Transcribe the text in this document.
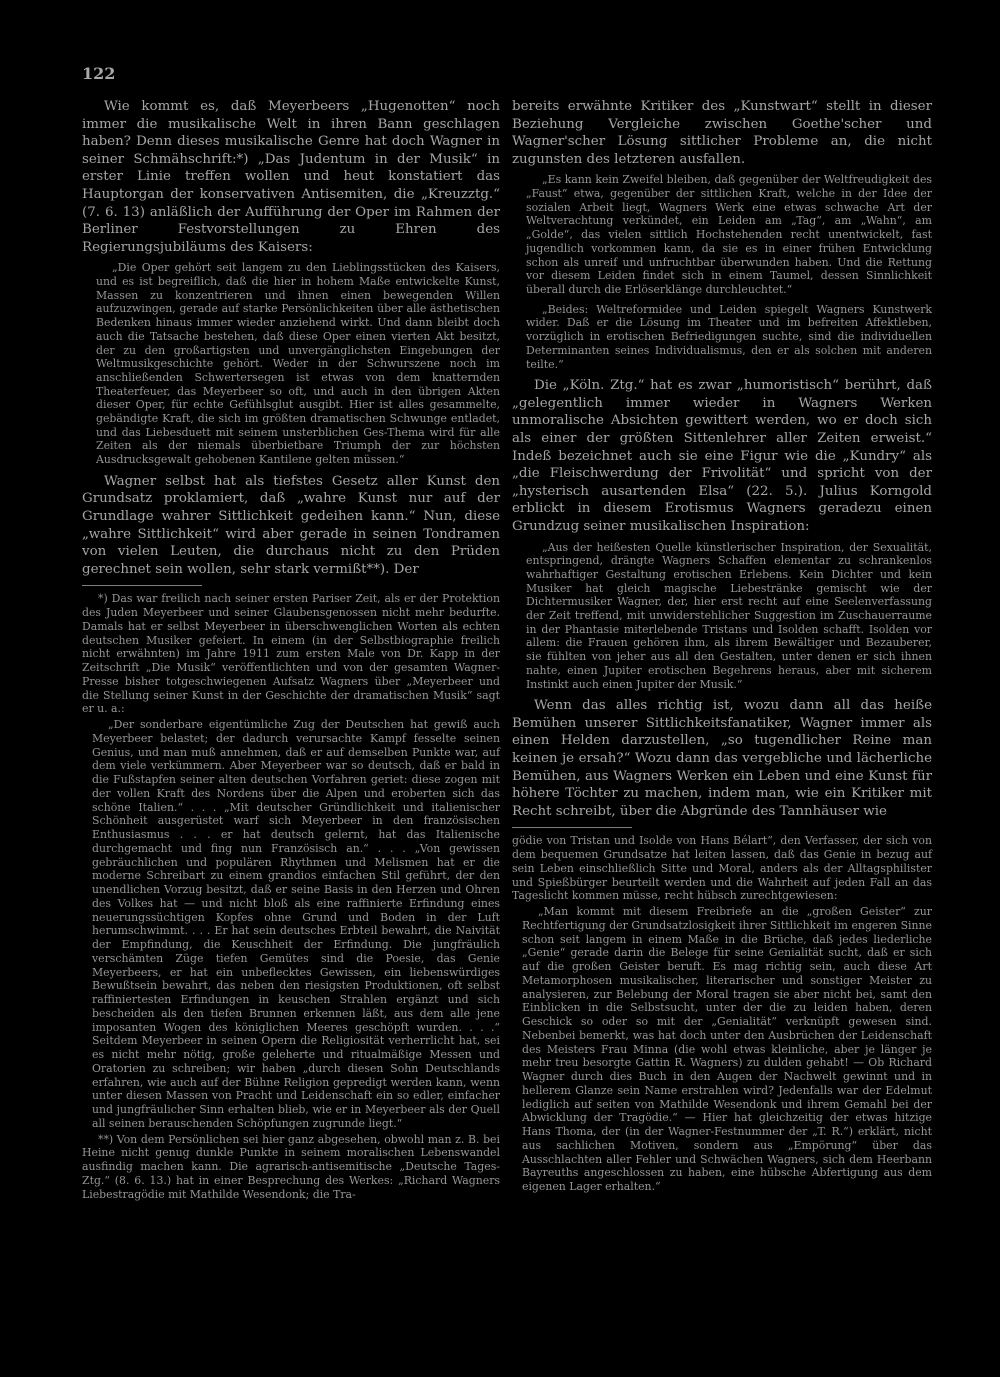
122

Wie kommt es, daß Meyerbeers „Hugenotten“ noch immer die musikalische Welt in ihren Bann geschlagen haben? Denn dieses musikalische Genre hat doch Wagner in seiner Schmähschrift:*) „Das Judentum in der Musik“ in erster Linie treffen wollen und heut konstatiert das Hauptorgan der konservativen Antisemiten, die „Kreuzztg.“ (7. 6. 13) anläßlich der Aufführung der Oper im Rahmen der Berliner Festvorstellungen zu Ehren des Regierungsjubiläums des Kaisers:

„Die Oper gehört seit langem zu den Lieblingsstücken des Kaisers, und es ist begreiflich, daß die hier in hohem Maße entwickelte Kunst, Massen zu konzentrieren und ihnen einen bewegenden Willen aufzuzwingen, gerade auf starke Persönlichkeiten über alle ästhetischen Bedenken hinaus immer wieder anziehend wirkt. Und dann bleibt doch auch die Tatsache bestehen, daß diese Oper einen vierten Akt besitzt, der zu den großartigsten und unvergänglichsten Eingebungen der Weltmusikgeschichte gehört. Weder in der Schwurszene noch im anschließenden Schwertersegen ist etwas von dem knatternden Theaterfeuer, das Meyerbeer so oft, und auch in den übrigen Akten dieser Oper, für echte Gefühlsglut ausgibt. Hier ist alles gesammelte, gebändigte Kraft, die sich im größten dramatischen Schwunge entladet, und das Liebesduett mit seinem unsterblichen Ges-Thema wird für alle Zeiten als der niemals überbietbare Triumph der zur höchsten Ausdrucksgewalt gehobenen Kantilene gelten müssen.“

Wagner selbst hat als tiefstes Gesetz aller Kunst den Grundsatz proklamiert, daß „wahre Kunst nur auf der Grundlage wahrer Sittlichkeit gedeihen kann.“ Nun, diese „wahre Sittlichkeit“ wird aber gerade in seinen Tondramen von vielen Leuten, die durchaus nicht zu den Prüden gerechnet sein wollen, sehr stark vermißt**). Der

*) Das war freilich nach seiner ersten Pariser Zeit, als er der Protektion des Juden Meyerbeer und seiner Glaubensgenossen nicht mehr bedurfte. Damals hat er selbst Meyerbeer in überschwenglichen Worten als echten deutschen Musiker gefeiert. In einem (in der Selbstbiographie freilich nicht erwähnten) im Jahre 1911 zum ersten Male von Dr. Kapp in der Zeitschrift „Die Musik“ veröffentlichten und von der gesamten Wagner-Presse bisher totgeschwiegenen Aufsatz Wagners über „Meyerbeer und die Stellung seiner Kunst in der Geschichte der dramatischen Musik“ sagt er u. a.:

„Der sonderbare eigentümliche Zug der Deutschen hat gewiß auch Meyerbeer belastet; der dadurch verursachte Kampf fesselte seinen Genius, und man muß annehmen, daß er auf demselben Punkte war, auf dem viele verkümmern. Aber Meyerbeer war so deutsch, daß er bald in die Fußstapfen seiner alten deutschen Vorfahren geriet: diese zogen mit der vollen Kraft des Nordens über die Alpen und eroberten sich das schöne Italien.“ . . . „Mit deutscher Gründlichkeit und italienischer Schönheit ausgerüstet warf sich Meyerbeer in den französischen Enthusiasmus . . . er hat deutsch gelernt, hat das Italienische durchgemacht und fing nun Französisch an.“ . . . „Von gewissen gebräuchlichen und populären Rhythmen und Melismen hat er die moderne Schreibart zu einem grandios einfachen Stil geführt, der den unendlichen Vorzug besitzt, daß er seine Basis in den Herzen und Ohren des Volkes hat — und nicht bloß als eine raffinierte Erfindung eines neuerungssüchtigen Kopfes ohne Grund und Boden in der Luft herumschwimmt. . . . Er hat sein deutsches Erbteil bewahrt, die Naivität der Empfindung, die Keuschheit der Erfindung. Die jungfräulich verschämten Züge tiefen Gemütes sind die Poesie, das Genie Meyerbeers, er hat ein unbeflecktes Gewissen, ein liebenswürdiges Bewußtsein bewahrt, das neben den riesigsten Produktionen, oft selbst raffiniertesten Erfindungen in keuschen Strahlen ergänzt und sich bescheiden als den tiefen Brunnen erkennen läßt, aus dem alle jene imposanten Wogen des königlichen Meeres geschöpft wurden. . . .“ Seitdem Meyerbeer in seinen Opern die Religiosität verherrlicht hat, sei es nicht mehr nötig, große geleherte und ritualmäßige Messen und Oratorien zu schreiben; wir haben „durch diesen Sohn Deutschlands erfahren, wie auch auf der Bühne Religion gepredigt werden kann, wenn unter diesen Massen von Pracht und Leidenschaft ein so edler, einfacher und jungfräulicher Sinn erhalten blieb, wie er in Meyerbeer als der Quell all seinen berauschenden Schöpfungen zugrunde liegt.“

**) Von dem Persönlichen sei hier ganz abgesehen, obwohl man z. B. bei Heine nicht genug dunkle Punkte in seinem moralischen Lebenswandel ausfindig machen kann. Die agrarisch-antisemitische „Deutsche Tages-Ztg.“ (8. 6. 13.) hat in einer Besprechung des Werkes: „Richard Wagners Liebestragödie mit Mathilde Wesendonk; die Tra-

bereits erwähnte Kritiker des „Kunstwart“ stellt in dieser Beziehung Vergleiche zwischen Goethe'scher und Wagner'scher Lösung sittlicher Probleme an, die nicht zugunsten des letzteren ausfallen.

„Es kann kein Zweifel bleiben, daß gegenüber der Weltfreudigkeit des „Faust“ etwa, gegenüber der sittlichen Kraft, welche in der Idee der sozialen Arbeit liegt, Wagners Werk eine etwas schwache Art der Weltverachtung verkündet, ein Leiden am „Tag“, am „Wahn“, am „Golde“, das vielen sittlich Hochstehenden recht unentwickelt, fast jugendlich vorkommen kann, da sie es in einer frühen Entwicklung schon als unreif und unfruchtbar überwunden haben. Und die Rettung vor diesem Leiden findet sich in einem Taumel, dessen Sinnlichkeit überall durch die Erlöserklänge durchleuchtet.“

„Beides: Weltreformidee und Leiden spiegelt Wagners Kunstwerk wider. Daß er die Lösung im Theater und im befreiten Affektleben, vorzüglich in erotischen Befriedigungen suchte, sind die individuellen Determinanten seines Individualismus, den er als solchen mit anderen teilte.“

Die „Köln. Ztg.“ hat es zwar „humoristisch“ berührt, daß „gelegentlich immer wieder in Wagners Werken unmoralische Absichten gewittert werden, wo er doch sich als einer der größten Sittenlehrer aller Zeiten erweist.“ Indeß bezeichnet auch sie eine Figur wie die „Kundry“ als „die Fleischwerdung der Frivolität“ und spricht von der „hysterisch ausartenden Elsa“ (22. 5.). Julius Korngold erblickt in diesem Erotismus Wagners geradezu einen Grundzug seiner musikalischen Inspiration:

„Aus der heißesten Quelle künstlerischer Inspiration, der Sexualität, entspringend, drängte Wagners Schaffen elementar zu schrankenlos wahrhaftiger Gestaltung erotischen Erlebens. Kein Dichter und kein Musiker hat gleich magische Liebestränke gemischt wie der Dichtermusiker Wagner, der, hier erst recht auf eine Seelenverfassung der Zeit treffend, mit unwiderstehlicher Suggestion im Zuschauerraume in der Phantasie miterlebende Tristans und Isolden schafft. Isolden vor allem: die Frauen gehören ihm, als ihrem Bewältiger und Bezauberer, sie fühlten von jeher aus all den Gestalten, unter denen er sich ihnen nahte, einen Jupiter erotischen Begehrens heraus, aber mit sicherem Instinkt auch einen Jupiter der Musik.“

Wenn das alles richtig ist, wozu dann all das heiße Bemühen unserer Sittlichkeitsfanatiker, Wagner immer als einen Helden darzustellen, „so tugendlicher Reine man keinen je ersah?“ Wozu dann das vergebliche und lächerliche Bemühen, aus Wagners Werken ein Leben und eine Kunst für höhere Töchter zu machen, indem man, wie ein Kritiker mit Recht schreibt, über die Abgründe des Tannhäuser wie

gödie von Tristan und Isolde von Hans Bélart“, den Verfasser, der sich von dem bequemen Grundsatze hat leiten lassen, daß das Genie in bezug auf sein Leben einschließlich Sitte und Moral, anders als der Alltagsphilister und Spießbürger beurteilt werden und die Wahrheit auf jeden Fall an das Tageslicht kommen müsse, recht hübsch zurechtgewiesen:

„Man kommt mit diesem Freibriefe an die „großen Geister“ zur Rechtfertigung der Grundsatzlosigkeit ihrer Sittlichkeit im engeren Sinne schon seit langem in einem Maße in die Brüche, daß jedes liederliche „Genie“ gerade darin die Belege für seine Genialität sucht, daß er sich auf die großen Geister beruft. Es mag richtig sein, auch diese Art Metamorphosen musikalischer, literarischer und sonstiger Meister zu analysieren, zur Belebung der Moral tragen sie aber nicht bei, samt den Einblicken in die Selbstsucht, unter der die zu leiden haben, deren Geschick so oder so mit der „Genialität“ verknüpft gewesen sind. Nebenbei bemerkt, was hat doch unter den Ausbrüchen der Leidenschaft des Meisters Frau Minna (die wohl etwas kleinliche, aber je länger je mehr treu besorgte Gattin R. Wagners) zu dulden gehabt! — Ob Richard Wagner durch dies Buch in den Augen der Nachwelt gewinnt und in hellerem Glanze sein Name erstrahlen wird? Jedenfalls war der Edelmut lediglich auf seiten von Mathilde Wesendonk und ihrem Gemahl bei der Abwicklung der Tragödie.“ — Hier hat gleichzeitig der etwas hitzige Hans Thoma, der (in der Wagner-Festnummer der „T. R.“) erklärt, nicht aus sachlichen Motiven, sondern aus „Empörung“ über das Ausschlachten aller Fehler und Schwächen Wagners, sich dem Heerbann Bayreuths angeschlossen zu haben, eine hübsche Abfertigung aus dem eigenen Lager erhalten.“
